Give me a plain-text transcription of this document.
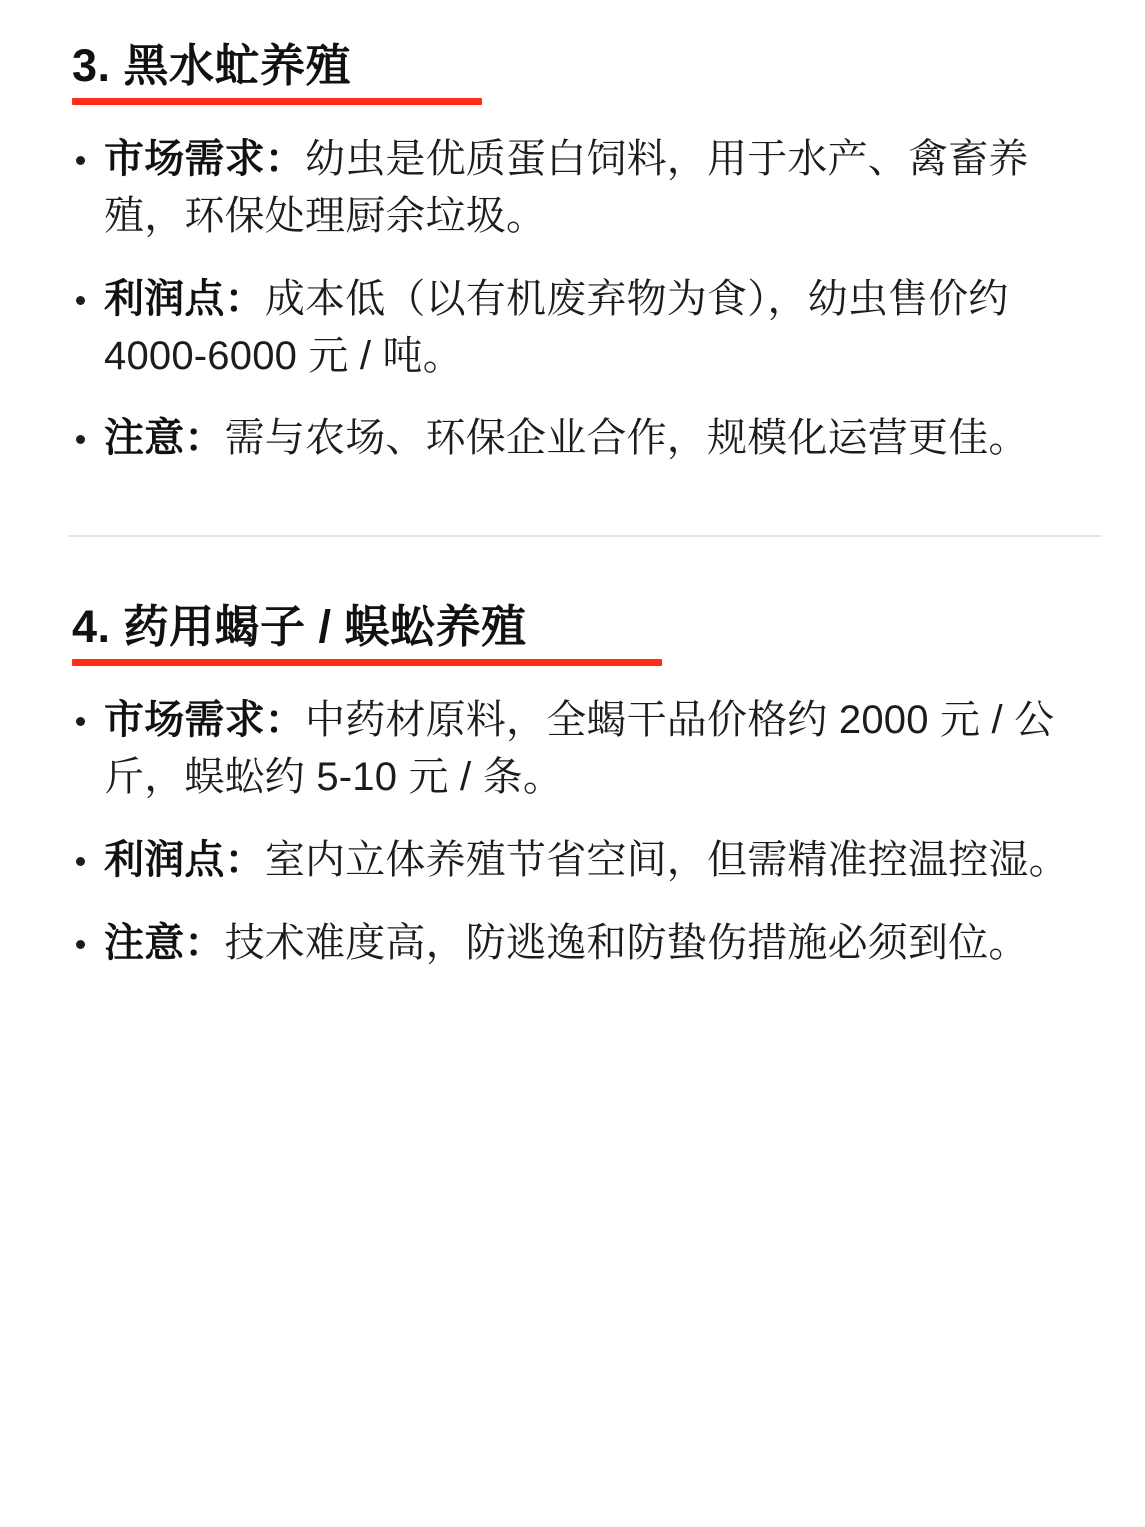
3. 黑水虻养殖
市场需求：幼虫是优质蛋白饲料，用于水产、禽畜养殖，环保处理厨余垃圾。
利润点：成本低（以有机废弃物为食），幼虫售价约 4000-6000 元 / 吨。
注意：需与农场、环保企业合作，规模化运营更佳。
4. 药用蝎子 / 蜈蚣养殖
市场需求：中药材原料，全蝎干品价格约 2000 元 / 公斤，蜈蚣约 5-10 元 / 条。
利润点：室内立体养殖节省空间，但需精准控温控湿。
注意：技术难度高，防逃逸和防蛰伤措施必须到位。
